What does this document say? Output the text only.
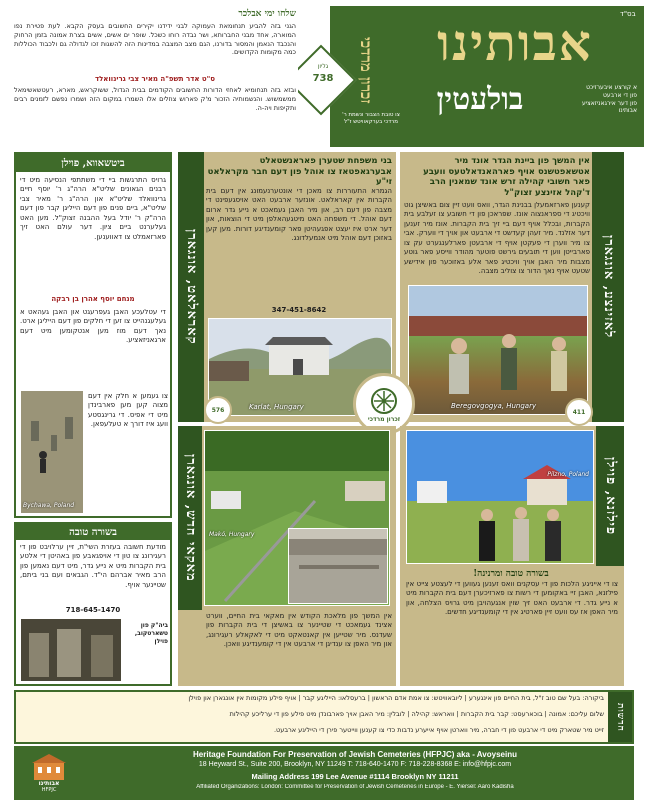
בס"ד
אבותינו
בולעטין	א קורצע איבערזיכט
פון די ארבעט
פון דער אירגאניזאציע
אבותינו
זכרון מרדכי
צו טובת הצבור ונשמת ר' מרדכי בערקאוויטש ז"ל
738
גליון
שלחו ימי אבלכר
הגני בזה להביע תנחומאת העמוקה לבני ידידנו יקירים החשובים בעסק הקבא. לעת פטירת נפו המוארה, אחד מבני החברותא, ושר נבדה רוחו כשכל. שופר ים אשים, אשים בצרת אמונה בזמן הרחוק והנכבד הנאמן והמסור בדורנו, הגם מצב המצבה במדינות הזה להשגות זכו לגדולה גם ולכבוד הכוללות כמה מקומות הקדושים.
ס"ט אדר תשפ"ה מאיר צבי גרינוואלד
ובזא בזה תנחומיא לאחזי הדורות החשובים הקודמים בבית הגדול, ששוקראש, מארא, רעטשאשימאל ממשמשוש. והנשמותיה הזכור מ'ק פארוש צוזלים אלו השמרו במקום הזה ושמרו נפשם לזמנים רבים ותקיפות ויה-ה.
לאזינצע, אונגארן
אין המשך פון ביינת הגדר אונד מיר אטשאפטשנס אויף פארהאנדאלטעס וועבע פאר חשובי קהילה זרש אונד שמאנין הרב ד'קהל אזינצע זצוק"ל
קענען פארזאמעלן בבנינת הגדר, וואס וועט זיין צום באשיצן גוט וויכטיג די ספראנצוה אונז. שפראכן פון די חשובע צו זעלבע בית הקברות, ובכלל אויף דעם ביי זיך בית הקברות. אונז מיר זענען דער אזלנד. מיר זעהן קעדשט די ארבעט און אויך די ווערק. אבי צו מיר ווערן די פעקטן אויף די ארבעטן פארלענגערט עק צו פארבייטן ווען די תובעים גירשט פוטער מהודר ווייסע פאר גוטע מצבות מיר האבן אויך וויכטיג פאר אלע באזוכער פון אידישע שטעט אויף נאך הדור צו צוליב מצבה.
Beregovgogya, Hungary
411
קאראלאט, אונגארן
בני משפחת שטערן פאראנשטאלט אבערגאפטאז צו אוהל פון דעם חבר מקראלאט זי"ע
הגמרא התעוררות צו מאכן די אונטערנעמונג אין דעם בית הקברות אין קאראלאט. אונזער ארבעט האט אויסגעפינט די מצבה פון דעם רב, און מיר האבן געמאכט א נייע גדר ארום דעם אוהל. די משפחה האט מיטגעהאלפן מיט די הוצאות, און דער ארט איז יעצט אפגעהיטן פאר קומענדיגע דורות. מען קען באזוכן דעם אוהל מיט אנמעלדונג.
347-451-8642
Karlat, Hungary
576
זכרון מרדכי
ביטשאווא, פוילן
גרויס התרגשות ביי די משתתפי הנסיעה מיט די רבנים הגאונים שליט"א הרה"ג ר' יוסף חיים גרינוואלד שליט"א און הרה"ג ר' מאיר צבי שליט"א, ביים פנים פון דעם הייליגן קבר פון דעם הרה"ק ר' יודל בעל ההבנה זצוק"ל. מען האט געלערנט ביים ציון. דער עולם האט זיך פארזאמלט צו דאווענען.
מנחם יוסף אהרן בן רבקה
די עטלעכע האבן געפרעגט און האבן געהאט א געלעגנהייט צו זען די חלקים פון דעם הייליגן ארט. נאך דעם מוז מען אנטקומען מיט דעם ארגאניזאציע.
Bychawa, Poland
צו געמען א חלק אין דעם מצוה קען מען פארבינדן מיט די אפיס. די גרינגסטע וועג איז דורך א טעלעפאן.
פילזנא, פוילן
Pilzno, Poland
בשורה טובה ומרנינה!
צו די אייניגע הלכות פון די עסקנים וואס זענען געווען די לעצטע צייט אין פילזנא, האבן זיי באקומען די רשות צו פארזיכערן דעם בית הקברות מיט א נייע גדר. די ארבעט האט זיך שוין אנגעהויבן מיט גרויס הצלחה, און מיר האפן אז עס וועט זיין פארטיג אין די קומענדיגע חדשים.
מאקאי חדש, אונגארן	Makó, Hungary
אין המשך פון מלאכת הקודש אין מאקאי בית החיים, ווערט אצינד געמאכט די שטיינער צו באשיצן די בית הקברות פון שעדנס. מיר שטייען אין קאנטאקט מיט די לאקאלע רעגירונג, און מיר האפן צו ענדיגן די ארבעט אין די קומענדיגע וואכן.
בשורה טובה
מודעת חשובה בעזרת השי"ת, זיין ערלויבט פון די רעגירונג צו טון די אויפגאבע פון באהיטן די אלטע בית הקברות מיט א נייע גדר, מיט דעם נאמען פון הרב מאיר אברהם הי"ד. הגבאים ועם בני ביתם, שטיינער אויף.
718-645-1470
ביה"ק פון טשארטקוב, פוילן
חדשות
ביקורה: בעל שם טוב ז"ל, בית החיים פון אינגערע | ליובאוויטש: צו אמת אדם הראשון | ברעסלאו: הייליגע קבר | אויף פילע מקומות אין אונגארן און פוילן
שלום עליכם: אמונה | בוכארעסט: קבר בית הקברות | וואראש: קהילה | לובלין: מיר האבן אויך פארבונדן מיט פילע פון די ערליכע קהילות
זייט מיר שטארק מיט די ארבעט פון די חברה, מיר ווארטן אויף אייערע נדבות כדי צו קענען ווייטער פירן די הייליגע ארבעט.
אבותינו
HFPJC
Heritage Foundation For Preservation of Jewish Cemeteries (HFPJC) aka - Avoyseinu
18 Heyward St., Suite 200, Brooklyn, NY 11249 T: 718-640-1470 F: 718-228-8368 E: info@hfpjc.com
Mailing Address 199 Lee Avenue #1114 Brooklyn NY 11211
Affiliated Organizations: London: Committee for Preservation of Jewish Cemeteries in Europe - E. Yiersel: Aaro Kadisha
